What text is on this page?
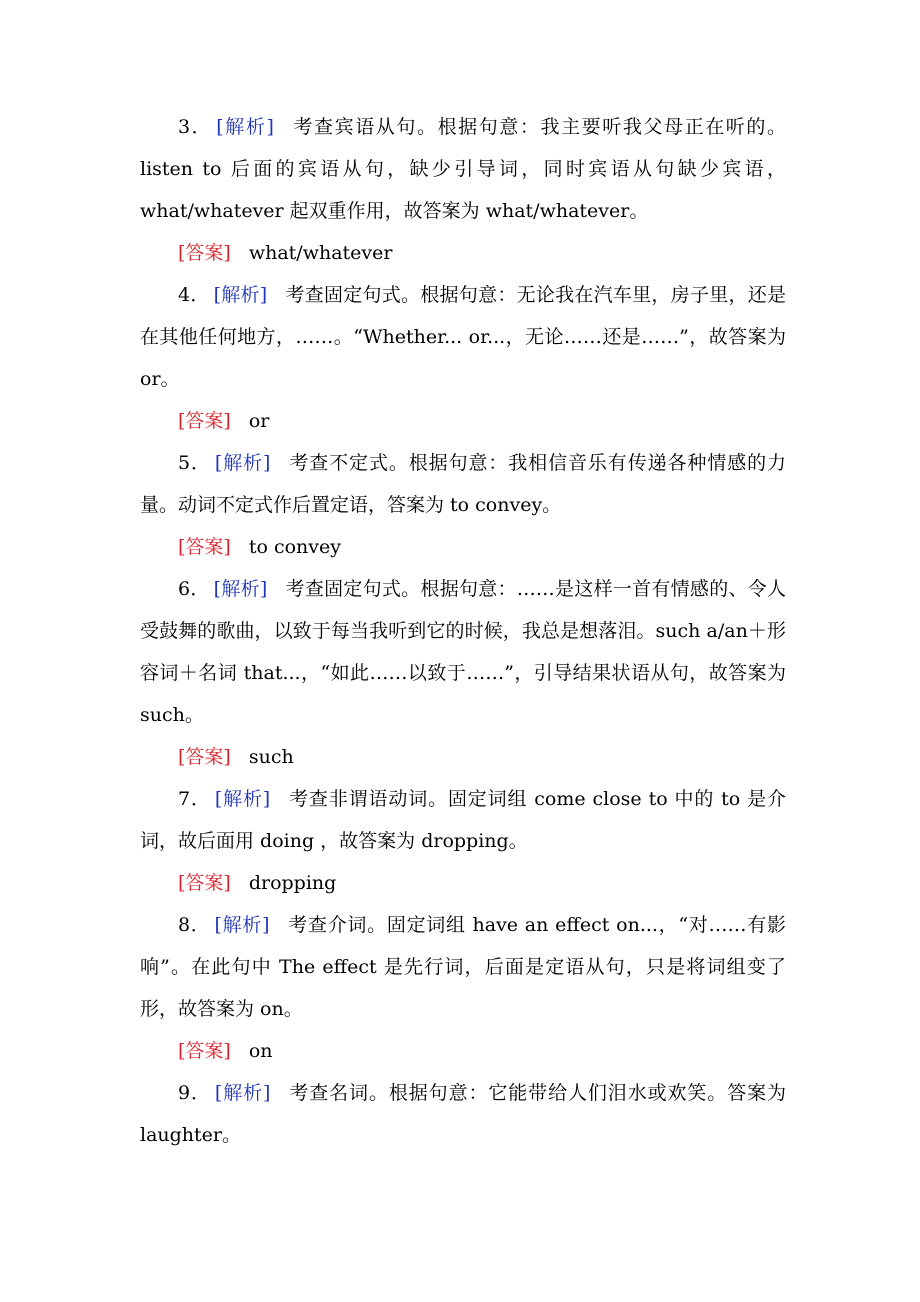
3． [解析] 考查宾语从句。根据句意：我主要听我父母正在听的。listen to 后面的宾语从句，缺少引导词，同时宾语从句缺少宾语，what/whatever 起双重作用，故答案为 what/whatever。

[答案] what/whatever

4． [解析] 考查固定句式。根据句意：无论我在汽车里，房子里，还是在其他任何地方，……。“Whether... or...，无论……还是……”，故答案为 or。

[答案] or

5． [解析] 考查不定式。根据句意：我相信音乐有传递各种情感的力量。动词不定式作后置定语，答案为 to convey。

[答案] to convey

6． [解析] 考查固定句式。根据句意：……是这样一首有情感的、令人受鼓舞的歌曲，以致于每当我听到它的时候，我总是想落泪。such a/an＋形容词＋名词 that...，“如此……以致于……”，引导结果状语从句，故答案为 such。

[答案] such

7． [解析] 考查非谓语动词。固定词组 come close to 中的 to 是介词，故后面用 doing ，故答案为 dropping。

[答案] dropping

8． [解析] 考查介词。固定词组 have an effect on...，“对……有影响”。在此句中 The effect 是先行词，后面是定语从句，只是将词组变了形，故答案为 on。

[答案] on

9． [解析] 考查名词。根据句意：它能带给人们泪水或欢笑。答案为 laughter。
